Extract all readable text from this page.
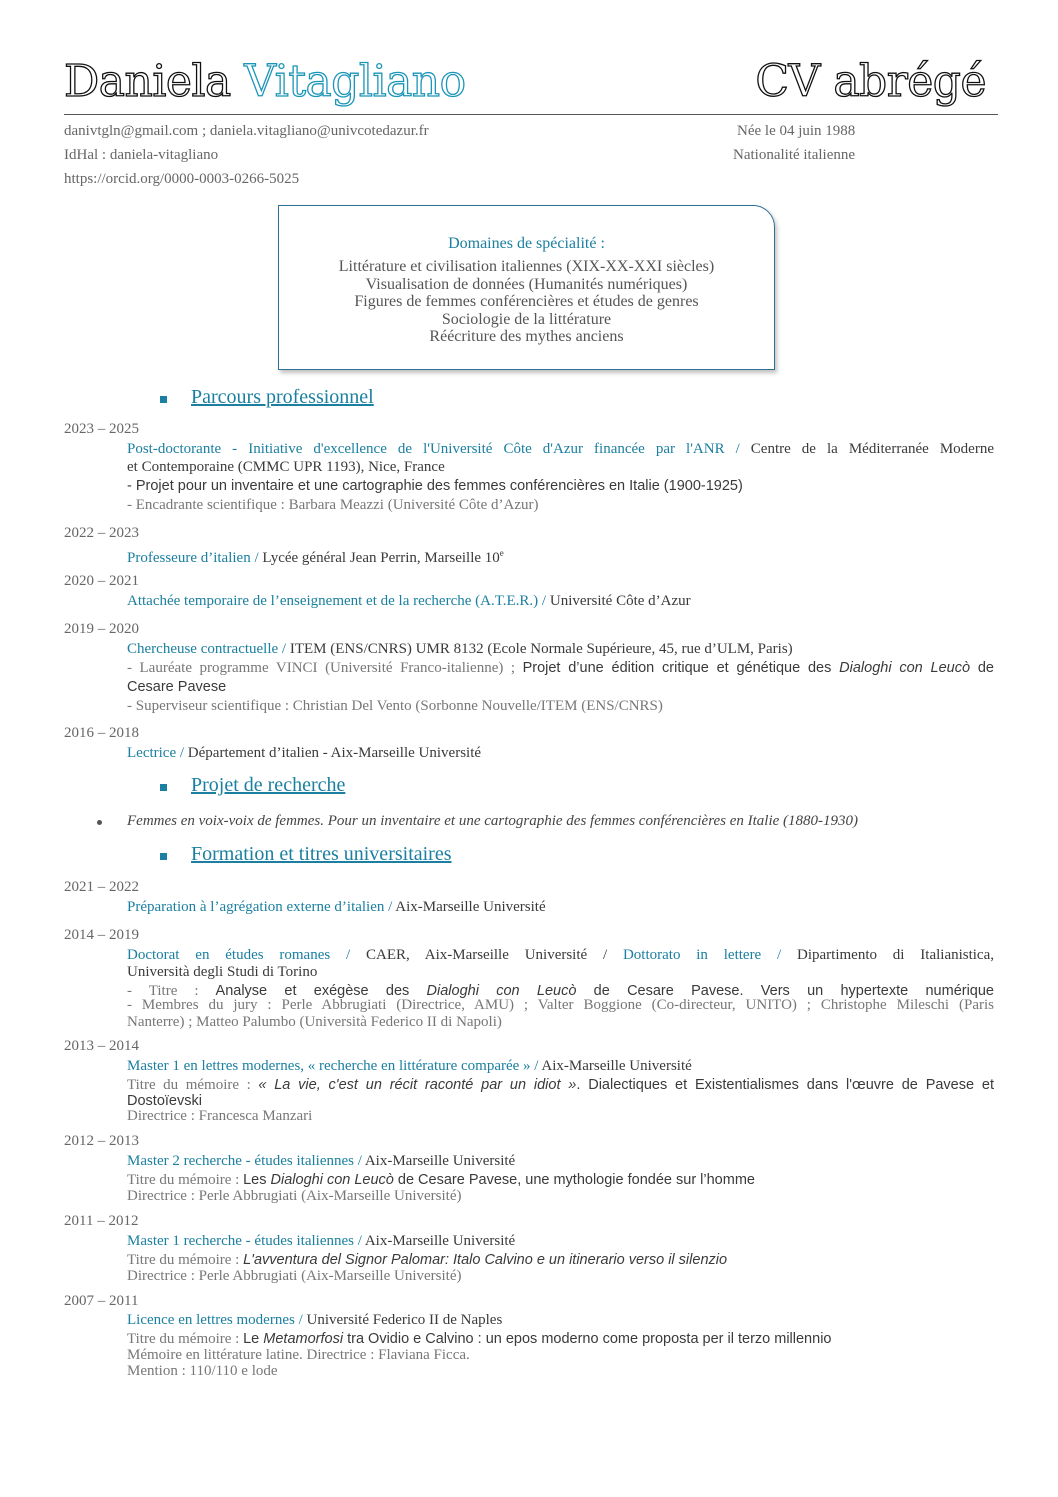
Daniela Vitagliano	CV abrégé
danivtgln@gmail.com ; daniela.vitagliano@univcotedazur.fr
IdHal : daniela-vitagliano
https://orcid.org/0000-0003-0266-5025
Née le 04 juin 1988
Nationalité italienne
Domaines de spécialité :
Littérature et civilisation italiennes (XIX-XX-XXI siècles)
Visualisation de données (Humanités numériques)
Figures de femmes conférencières et études de genres
Sociologie de la littérature
Réécriture des mythes anciens
Parcours professionnel
2023 – 2025
Post-doctorante - Initiative d'excellence de l'Université Côte d'Azur financée par l'ANR / Centre de la Méditerranée Moderne
et Contemporaine (CMMC UPR 1193), Nice, France
- Projet pour un inventaire et une cartographie des femmes conférencières en Italie (1900-1925)
- Encadrante scientifique : Barbara Meazzi (Université Côte d’Azur)
2022 – 2023
Professeure d’italien / Lycée général Jean Perrin, Marseille 10e
2020 – 2021
Attachée temporaire de l’enseignement et de la recherche (A.T.E.R.) / Université Côte d’Azur
2019 – 2020
Chercheuse contractuelle / ITEM (ENS/CNRS) UMR 8132 (Ecole Normale Supérieure, 45, rue d’ULM, Paris)
- Lauréate programme VINCI (Université Franco-italienne) ; Projet d’une édition critique et génétique des Dialoghi con Leucò de
Cesare Pavese
- Superviseur scientifique : Christian Del Vento (Sorbonne Nouvelle/ITEM (ENS/CNRS)
2016 – 2018
Lectrice / Département d’italien - Aix-Marseille Université
Projet de recherche
Femmes en voix-voix de femmes. Pour un inventaire et une cartographie des femmes conférencières en Italie (1880-1930)
Formation et titres universitaires
2021 – 2022
Préparation à l’agrégation externe d’italien / Aix-Marseille Université
2014 – 2019
Doctorat en études romanes / CAER, Aix-Marseille Université / Dottorato in lettere / Dipartimento di Italianistica,
Università degli Studi di Torino
- Titre : Analyse et exégèse des Dialoghi con Leucò de Cesare Pavese. Vers un hypertexte numérique
- Membres du jury : Perle Abbrugiati (Directrice, AMU) ; Valter Boggione (Co-directeur, UNITO) ; Christophe Mileschi (Paris
Nanterre) ; Matteo Palumbo (Università Federico II di Napoli)
2013 – 2014
Master 1 en lettres modernes, « recherche en littérature comparée » / Aix-Marseille Université
Titre du mémoire : « La vie, c'est un récit raconté par un idiot ». Dialectiques et Existentialismes dans l'œuvre de Pavese et
Dostoïevski
Directrice : Francesca Manzari
2012 – 2013
Master 2 recherche - études italiennes / Aix-Marseille Université
Titre du mémoire : Les Dialoghi con Leucò de Cesare Pavese, une mythologie fondée sur l’homme
Directrice : Perle Abbrugiati (Aix-Marseille Université)
2011 – 2012
Master 1 recherche - études italiennes / Aix-Marseille Université
Titre du mémoire : L'avventura del Signor Palomar: Italo Calvino e un itinerario verso il silenzio
Directrice : Perle Abbrugiati (Aix-Marseille Université)
2007 – 2011
Licence en lettres modernes / Université Federico II de Naples
Titre du mémoire : Le Metamorfosi tra Ovidio e Calvino : un epos moderno come proposta per il terzo millennio
Mémoire en littérature latine. Directrice : Flaviana Ficca.
Mention : 110/110 e lode
